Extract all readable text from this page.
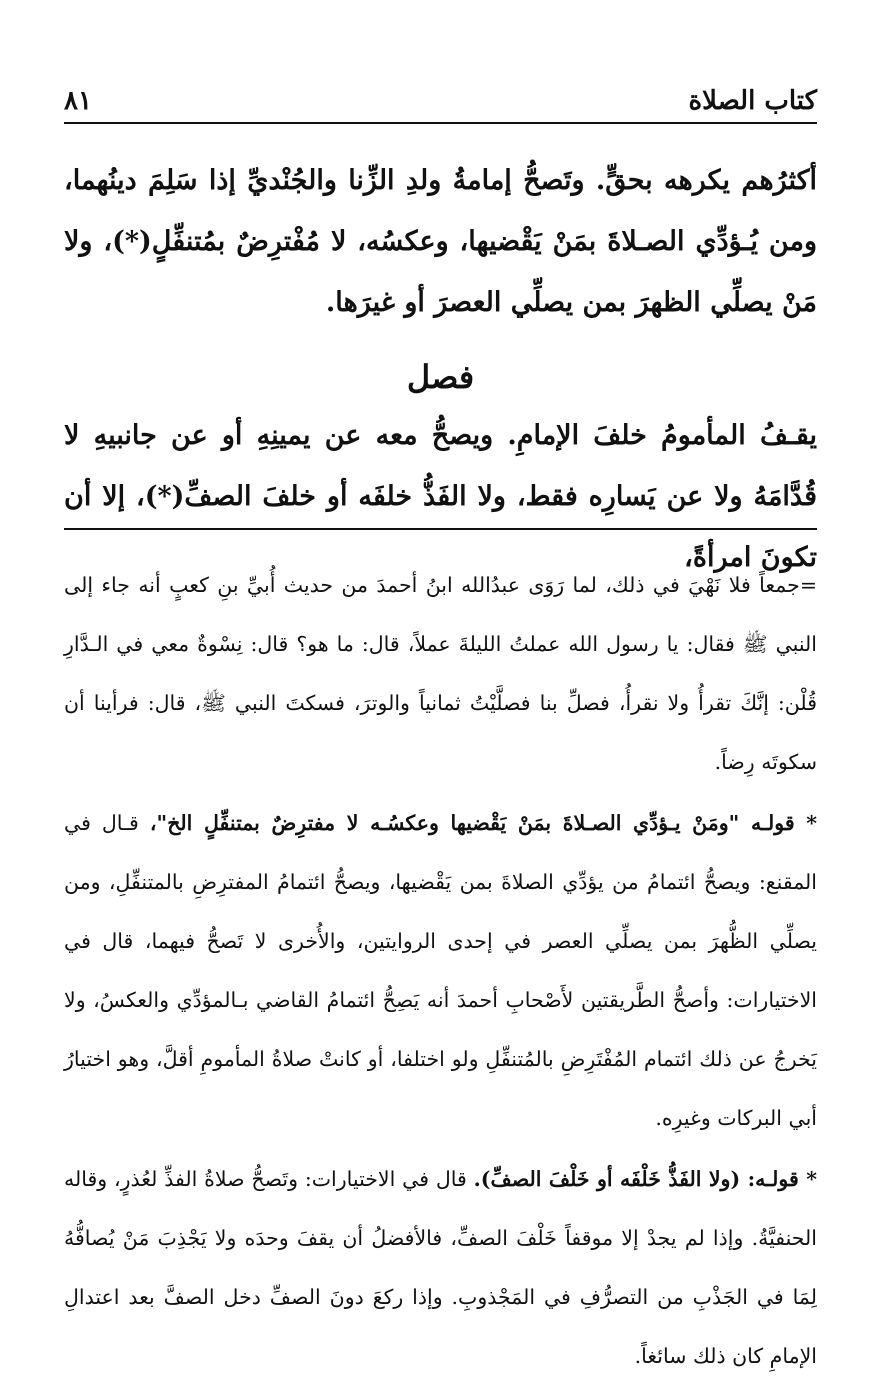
كتاب الصلاة
٨١

أكثرُهم يكرهه بحقٍّ. وتَصحُّ إمامةُ ولدِ الزِّنا والجُنْديِّ إذا سَلِمَ دينُهما، ومن يُـؤدِّي الصـلاةَ بمَنْ يَقْضيها، وعكسُه، لا مُفْترِضٌ بمُتنفِّلٍ(*)، ولا مَنْ يصلِّي الظهرَ بمن يصلِّي العصرَ أو غيرَها.

فصل

يقـفُ المأمومُ خلفَ الإمامِ. ويصحُّ معه عن يمينِهِ أو عن جانبيهِ لا قُدَّامَهُ ولا عن يَسارِه فقط، ولا الفَذُّ خلفَه أو خلفَ الصفِّ(*)، إلا أن تكونَ امرأةً،

=جمعاً فلا نَهْيَ في ذلك، لما رَوَى عبدُالله ابنُ أحمدَ من حديث أُبيِّ بنِ كعبٍ أنه جاء إلى النبي ﷺ فقال: يا رسول الله عملتُ الليلةَ عملاً، قال: ما هو؟ قال: نِسْوةٌ معي في الـدَّارِ قُلْن: إنَّكَ تقرأُ ولا نقرأُ، فصلِّ بنا فصلَّيْتُ ثمانياً والوترَ، فسكتَ النبي ﷺ، قال: فرأينا أن سكوتَه رِضاً.

* قولـه "ومَنْ يـؤدِّي الصـلاةَ بمَنْ يَقْضيها وعكسُـه لا مفترِضٌ بمتنفِّلٍ الخ"، قـال في المقنع: ويصحُّ ائتمامُ من يؤدِّي الصلاةَ بمن يَقْضيها، ويصحُّ ائتمامُ المفترِضِ بالمتنفِّلِ، ومن يصلِّي الظُّهرَ بمن يصلِّي العصر في إحدى الروايتين، والأُخرى لا تَصحُّ فيهما، قال في الاختيارات: وأصحُّ الطَّريقتين لأَصْحابِ أحمدَ أنه يَصِحُّ ائتمامُ القاضي بـالمؤدِّي والعكسُ، ولا يَخرجُ عن ذلك ائتمام المُفْتَرِضِ بالمُتنفِّلِ ولو اختلفا، أو كانتْ صلاةُ المأمومِ أقلَّ، وهو اختيارُ أبي البركات وغيرِه.

* قولـه: (ولا الفَذُّ خَلْفَه أو خَلْفَ الصفِّ). قال في الاختيارات: وتَصحُّ صلاةُ الفذِّ لعُذرٍ، وقاله الحنفيَّةُ. وإذا لم يجدْ إلا موقفاً خَلْفَ الصفِّ، فالأفضلُ أن يقفَ وحدَه ولا يَجْذِبَ مَنْ يُصافُّهُ لِمَا في الجَذْبِ من التصرُّفِ في المَجْذوبِ. وإذا ركعَ دونَ الصفِّ دخل الصفَّ بعد اعتدالِ الإمامِ كان ذلك سائغاً.
